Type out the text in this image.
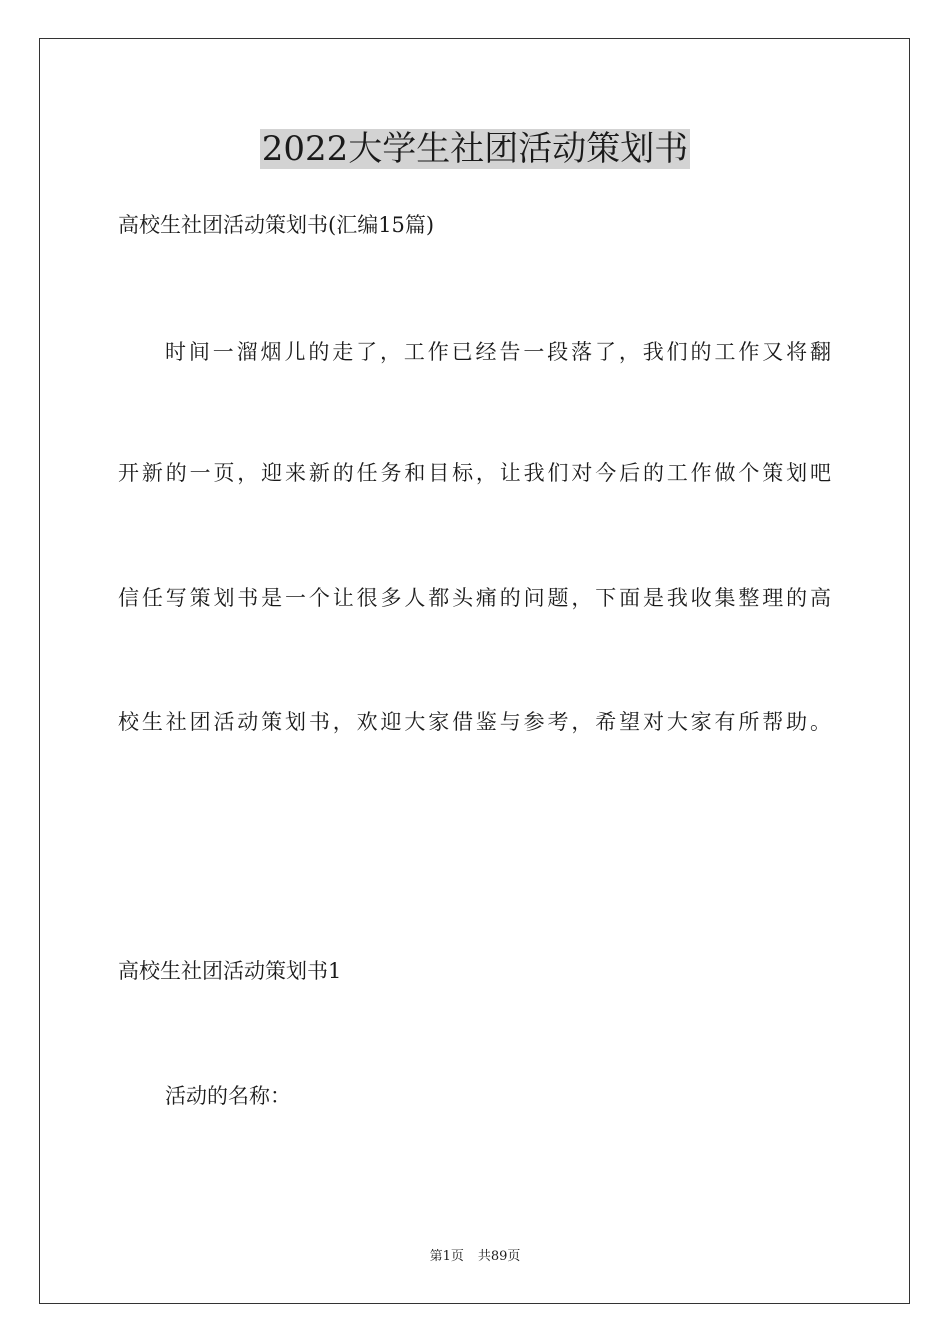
2022大学生社团活动策划书

高校生社团活动策划书(汇编15篇)

时间一溜烟儿的走了，工作已经告一段落了，我们的工作又将翻

开新的一页，迎来新的任务和目标，让我们对今后的工作做个策划吧

信任写策划书是一个让很多人都头痛的问题，下面是我收集整理的高

校生社团活动策划书，欢迎大家借鉴与参考，希望对大家有所帮助。

高校生社团活动策划书1

活动的名称：

第1页 共89页
